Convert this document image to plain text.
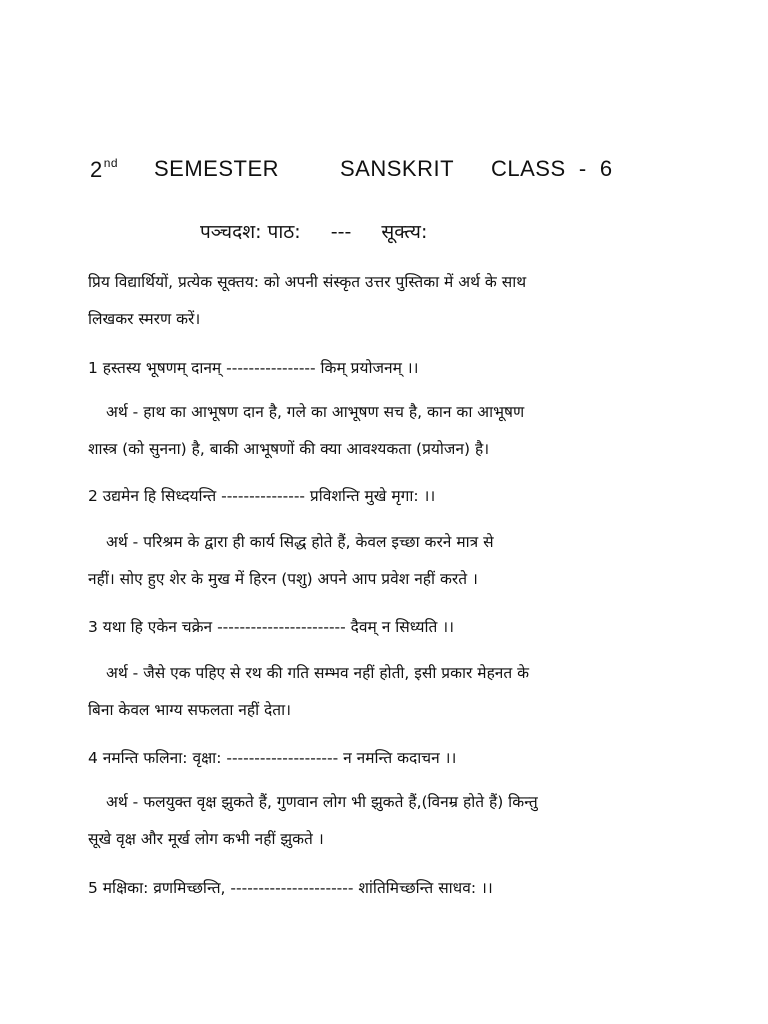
2nd SEMESTER	SANSKRIT CLASS  -  6
पञ्चदश: पाठ: --- सूक्त्य:
प्रिय विद्यार्थियों, प्रत्येक सूक्तय: को अपनी संस्कृत उत्तर पुस्तिका में अर्थ के साथ
लिखकर स्मरण करें।
1 हस्तस्य भूषणम् दानम् ---------------- किम् प्रयोजनम् ।।
अर्थ - हाथ का आभूषण दान है, गले का आभूषण सच है, कान का आभूषण
शास्त्र (को सुनना) है, बाकी आभूषणों की क्या आवश्यकता (प्रयोजन) है।
2 उद्यमेन हि सिध्दयन्ति --------------- प्रविशन्ति मुखे मृगा: ।।
अर्थ - परिश्रम के द्वारा ही कार्य सिद्ध होते हैं, केवल इच्छा करने मात्र से
नहीं। सोए हुए शेर के मुख में हिरन (पशु) अपने आप प्रवेश नहीं करते ।
3 यथा हि एकेन चक्रेन ----------------------- दैवम् न सिध्यति ।।
अर्थ - जैसे एक पहिए से रथ की गति सम्भव नहीं होती, इसी प्रकार मेहनत के
बिना केवल भाग्य सफलता नहीं देता।
4 नमन्ति फलिना: वृक्षा: -------------------- न नमन्ति कदाचन ।।
अर्थ - फलयुक्त वृक्ष झुकते हैं, गुणवान लोग भी झुकते हैं,(विनम्र होते हैं) किन्तु
सूखे वृक्ष और मूर्ख लोग कभी नहीं झुकते ।
5 मक्षिका: व्रणमिच्छन्ति, ---------------------- शांतिमिच्छन्ति साधव: ।।
